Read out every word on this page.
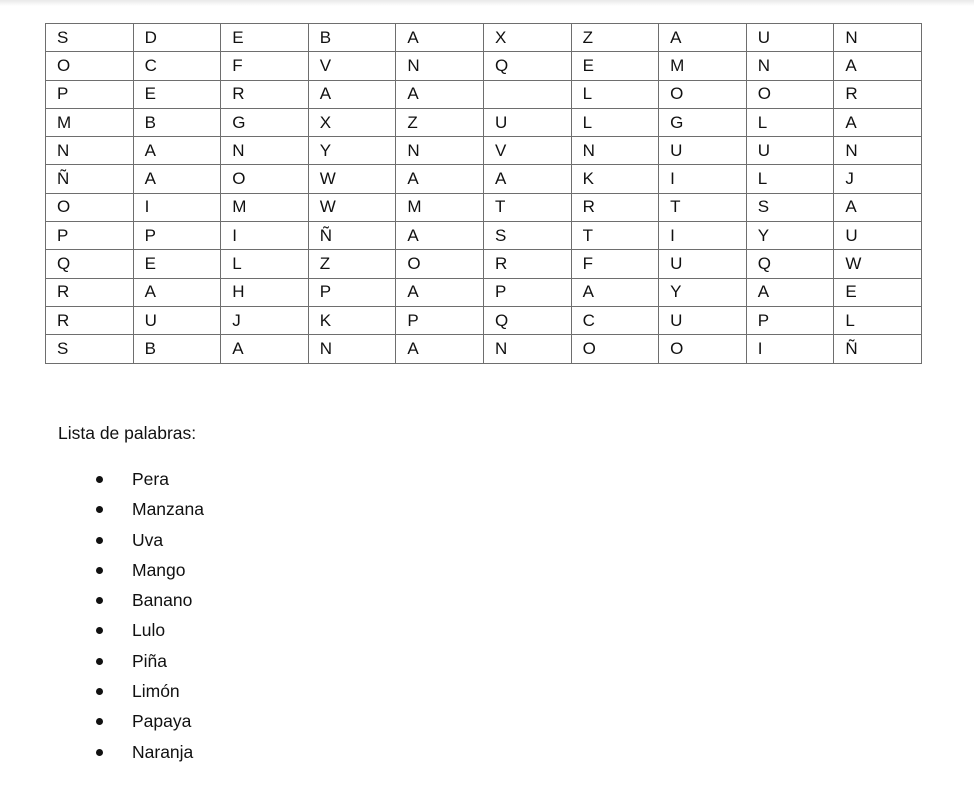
S	D	E	B	A	X	Z	A	U	N
O	C	F	V	N	Q	E	M	N	A
P	E	R	A	A		L	O	O	R
M	B	G	X	Z	U	L	G	L	A
N	A	N	Y	N	V	N	U	U	N
Ñ	A	O	W	A	A	K	I	L	J
O	I	M	W	M	T	R	T	S	A
P	P	I	Ñ	A	S	T	I	Y	U
Q	E	L	Z	O	R	F	U	Q	W
R	A	H	P	A	P	A	Y	A	E
R	U	J	K	P	Q	C	U	P	L
S	B	A	N	A	N	O	O	I	Ñ
Lista de palabras:
Pera
Manzana
Uva
Mango
Banano
Lulo
Piña
Limón
Papaya
Naranja
